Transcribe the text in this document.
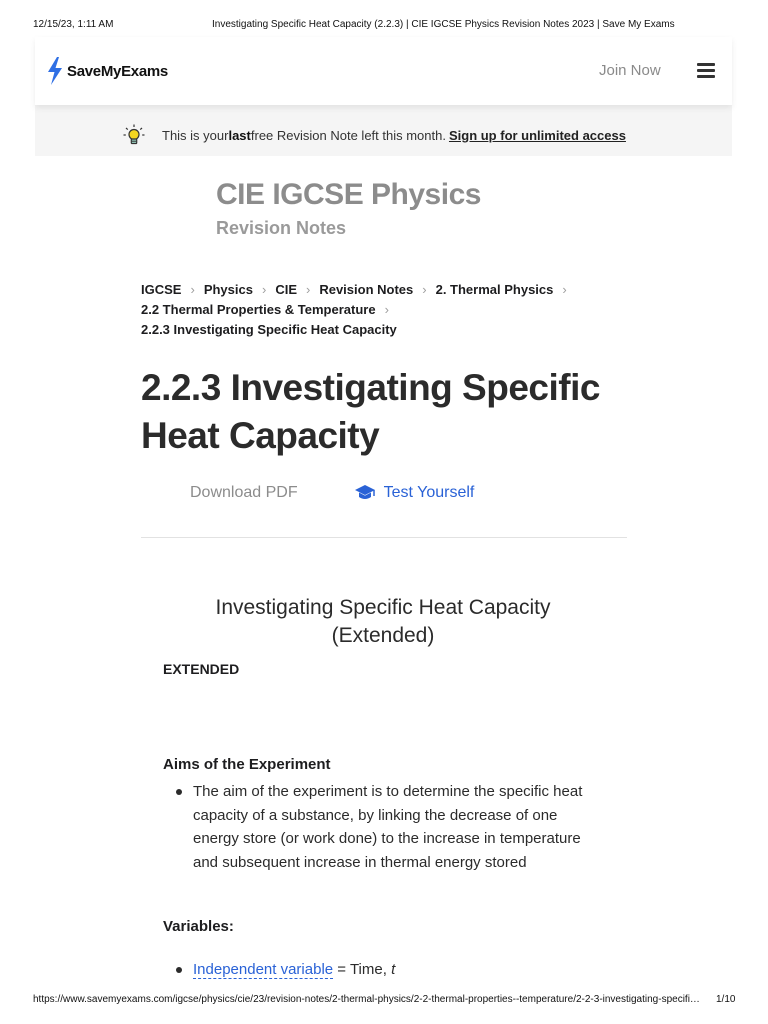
12/15/23, 1:11 AM	Investigating Specific Heat Capacity (2.2.3) | CIE IGCSE Physics Revision Notes 2023 | Save My Exams
SaveMyExams	Join Now
This is your last free Revision Note left this month. Sign up for unlimited access
CIE IGCSE Physics
Revision Notes
IGCSE › Physics › CIE › Revision Notes › 2. Thermal Physics ›
2.2 Thermal Properties & Temperature ›
2.2.3 Investigating Specific Heat Capacity
2.2.3 Investigating Specific Heat Capacity
Download PDF	Test Yourself
Investigating Specific Heat Capacity (Extended)
EXTENDED
Aims of the Experiment
The aim of the experiment is to determine the specific heat capacity of a substance, by linking the decrease of one energy store (or work done) to the increase in temperature and subsequent increase in thermal energy stored
Variables:
Independent variable = Time, t
https://www.savemyexams.com/igcse/physics/cie/23/revision-notes/2-thermal-physics/2-2-thermal-properties--temperature/2-2-3-investigating-specifi…	1/10
